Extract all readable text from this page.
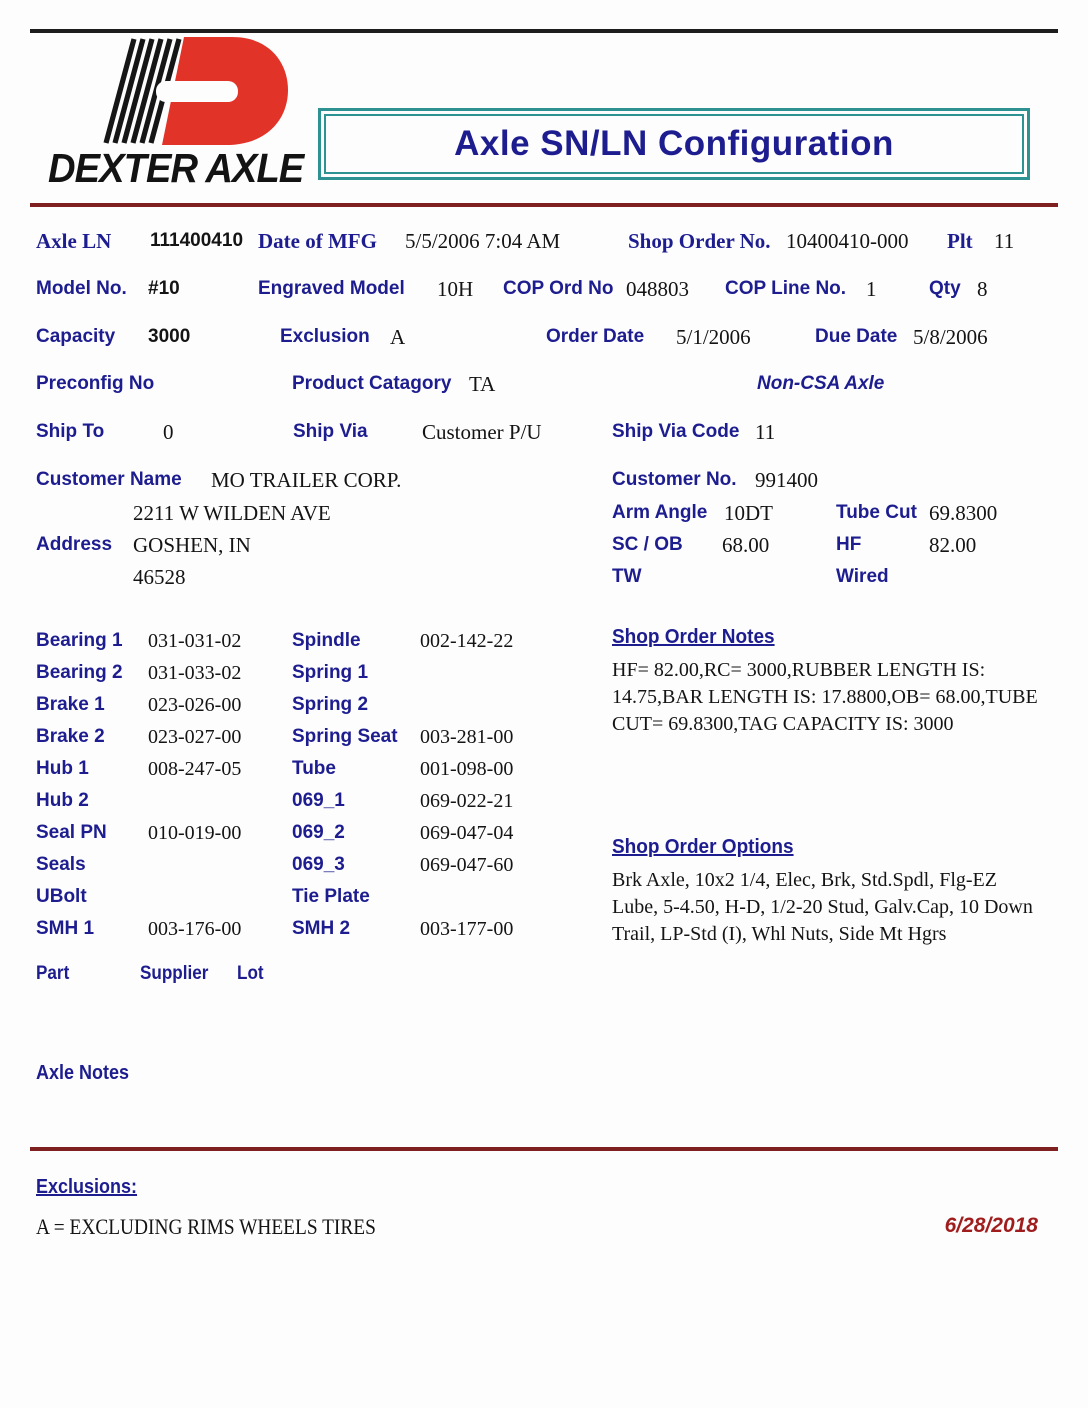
DEXTER AXLE
Axle SN/LN Configuration
Axle LN 111400410 Date of MFG 5/5/2006 7:04 AM	Shop Order No. 10400410-000 Plt 11
Model No. #10	Engraved Model 10H COP Ord No 048803 COP Line No. 1	Qty 8
Capacity 3000	Exclusion A	Order Date 5/1/2006	Due Date 5/8/2006
Preconfig No	Product Catagory TA	Non-CSA Axle
Ship To	0	Ship Via	Customer P/U	Ship Via Code 11
Customer Name MO TRAILER CORP.	Customer No. 991400
2211 W WILDEN AVE	Arm Angle 10DT	Tube Cut 69.8300
Address GOSHEN, IN	SC / OB 68.00	HF	82.00
46528	TW	Wired
Bearing 1 031-031-02	Spindle	002-142-22
Bearing 2 031-033-02	Spring 1
Brake 1 023-026-00	Spring 2
Brake 2 023-027-00	Spring Seat 003-281-00
Hub 1	008-247-05	Tube	001-098-00
Hub 2	069_1	069-022-21
Seal PN 010-019-00	069_2	069-047-04
Seals	069_3	069-047-60
UBolt	Tie Plate
SMH 1	003-176-00	SMH 2	003-177-00
Part	Supplier Lot
Shop Order Notes
HF= 82.00,RC= 3000,RUBBER LENGTH IS:
14.75,BAR LENGTH IS: 17.8800,OB= 68.00,TUBE
CUT= 69.8300,TAG CAPACITY IS: 3000
Shop Order Options
Brk Axle, 10x2 1/4, Elec, Brk, Std.Spdl, Flg-EZ
Lube, 5-4.50, H-D, 1/2-20 Stud, Galv.Cap, 10 Down
Trail, LP-Std (I), Whl Nuts, Side Mt Hgrs
Axle Notes
Exclusions:
A = EXCLUDING RIMS WHEELS TIRES	6/28/2018
